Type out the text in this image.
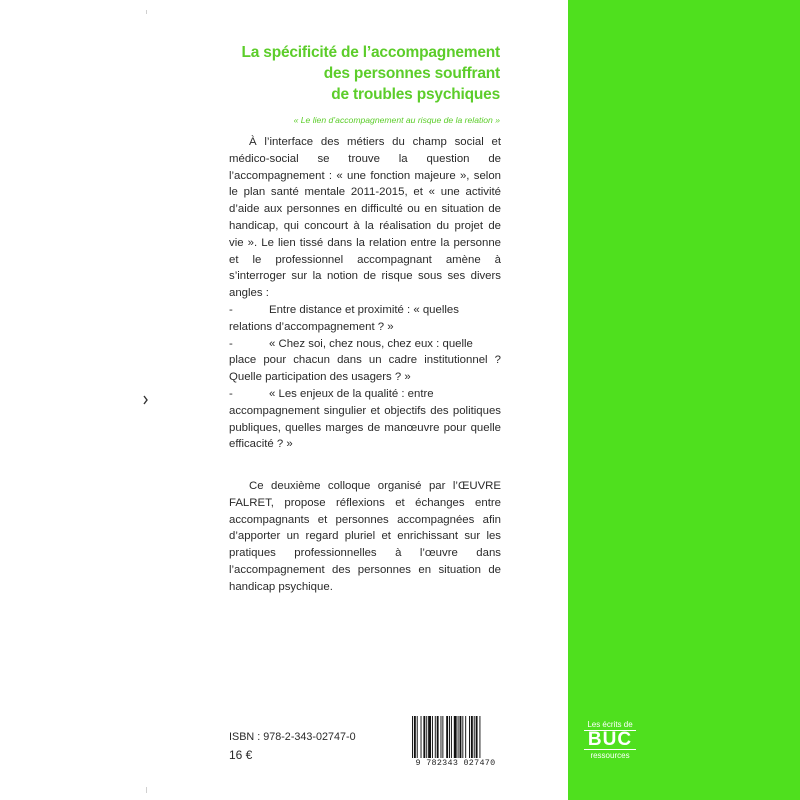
La spécificité de l’accompagnement
des personnes souffrant
de troubles psychiques
« Le lien d’accompagnement au risque de la relation »

À l’interface des métiers du champ social et médico-social se trouve la question de l’accompagnement : « une fonction majeure », selon le plan santé mentale 2011-2015, et « une activité d’aide aux personnes en difficulté ou en situation de handicap, qui concourt à la réalisation du projet de vie ». Le lien tissé dans la relation entre la personne et le professionnel accompagnant amène à s’interroger sur la notion de risque sous ses divers angles :

-	Entre distance et proximité : « quelles

relations d’accompagnement ? »

-	« Chez soi, chez nous, chez eux : quelle

place pour chacun dans un cadre institutionnel ? Quelle participation des usagers ? »

-	« Les enjeux de la qualité : entre

accompagnement singulier et objectifs des politiques publiques, quelles marges de manœuvre pour quelle efficacité ? »

Ce deuxième colloque organisé par l’ŒUVRE FALRET, propose réflexions et échanges entre accompagnants et personnes accompagnées afin d’apporter un regard pluriel et enrichissant sur les pratiques professionnelles à l’œuvre dans l’accompagnement des personnes en situation de handicap psychique.
ISBN : 978-2-343-02747-0
16 €
9 782343 027470
Les écrits de
BUC
ressources
